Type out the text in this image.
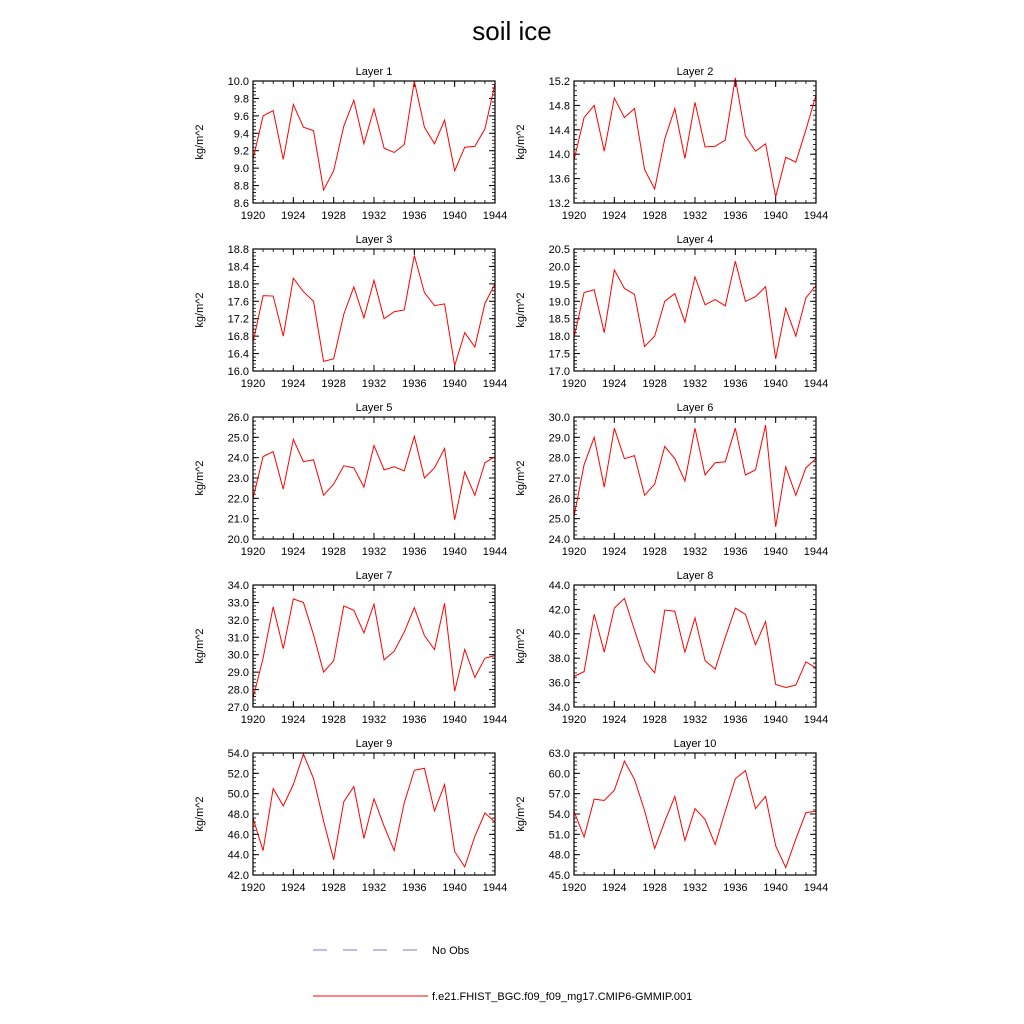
soil ice
Layer 1
kg/m^2
1920 1924 1928 1932 1936 1940 1944
8.6
8.8
9.0
9.2
9.4
9.6
9.8
10.0
Layer 2
kg/m^2
1920 1924 1928 1932 1936 1940 1944
13.2
13.6
14.0
14.4
14.8
15.2
Layer 3
kg/m^2
1920 1924 1928 1932 1936 1940 1944
16.0
16.4
16.8
17.2
17.6
18.0
18.4
18.8
Layer 4
kg/m^2
1920 1924 1928 1932 1936 1940 1944
17.0
17.5
18.0
18.5
19.0
19.5
20.0
20.5
Layer 5
kg/m^2
1920 1924 1928 1932 1936 1940 1944
20.0
21.0
22.0
23.0
24.0
25.0
26.0
Layer 6
kg/m^2
1920 1924 1928 1932 1936 1940 1944
24.0
25.0
26.0
27.0
28.0
29.0
30.0
Layer 7
kg/m^2
1920 1924 1928 1932 1936 1940 1944
27.0
28.0
29.0
30.0
31.0
32.0
33.0
34.0
Layer 8
kg/m^2
1920 1924 1928 1932 1936 1940 1944
34.0
36.0
38.0
40.0
42.0
44.0
Layer 9
kg/m^2
1920 1924 1928 1932 1936 1940 1944
42.0
44.0
46.0
48.0
50.0
52.0
54.0
Layer 10
kg/m^2
1920 1924 1928 1932 1936 1940 1944
45.0
48.0
51.0
54.0
57.0
60.0
63.0
No Obs
f.e21.FHIST_BGC.f09_f09_mg17.CMIP6-GMMIP.001
